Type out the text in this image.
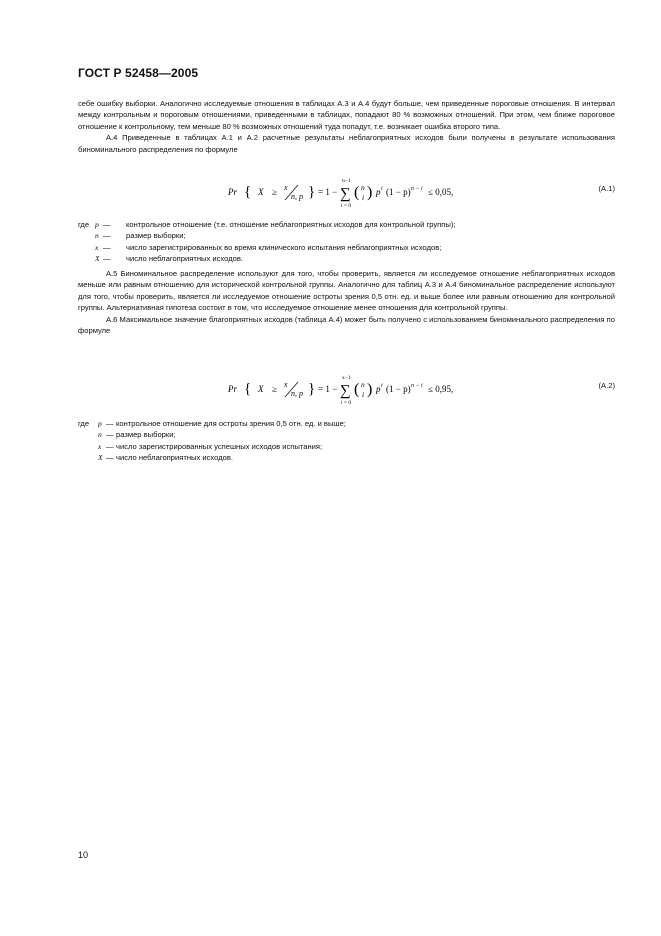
ГОСТ Р 52458—2005

себе ошибку выборки. Аналогично исследуемые отношения в таблицах А.3 и А.4 будут больше, чем приведенные пороговые отношения. В интервал между контрольным и пороговым отношениями, приведенными в таблицах, попадают 80 % возможных отношений. При этом, чем ближе пороговое отношение к контрольному, тем меньше 80 % возможных отношений туда попадут, т.е. возникает ошибка второго типа.

А.4 Приведенные в таблицах А.1 и А.2 расчетные результаты неблагоприятных исходов были получены в результате использования биноминального распределения по формуле

Pr { X ≥ x
n, p } = 1 −
n−1
∑
i = 0
( n
i ) p i (1 − p) n − i ≤ 0,05,	(A.1)
где p — контрольное отношение (т.е. отношение неблагоприятных исходов для контрольной группы);
n — размер выборки;
x — число зарегистрированных во время клинического испытания неблагоприятных исходов;
X — число неблагоприятных исходов.

А.5 Биноминальное распределение используют для того, чтобы проверить, является ли исследуемое отношение неблагоприятных исходов меньше или равным отношению для исторической контрольной группы. Аналогично для таблиц А.3 и А.4 биноминальное распределение используют для того, чтобы проверить, является ли исследуемое отношение остроты зрения 0,5 отн. ед. и выше более или равным отношению для контрольной группы. Альтернативная гипотеза состоит в том, что исследуемое отношение менее отношения для контрольной группы.

А.6 Максимальное значение благоприятных исходов (таблица А.4) может быть получено с использованием биноминального распределения по формуле

Pr { X ≥ x
n, p } = 1 −
x−1
∑
i = 0
( n
i ) p i (1 − p) n − i ≤ 0,95,	(A.2)
где p — контрольное отношение для остроты зрения 0,5 отн. ед. и выше;
n — размер выборки;
x — число зарегистрированных успешных исходов испытания;
X — число неблагоприятных исходов.
10
